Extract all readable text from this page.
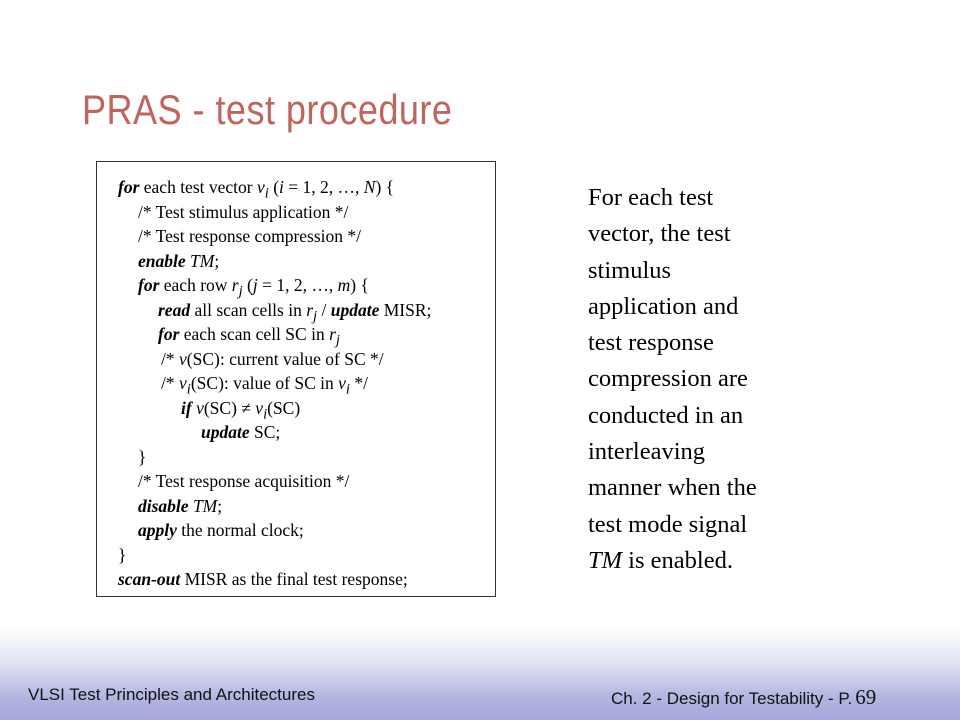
PRAS - test procedure
for each test vector $v_i$ (i = 1, 2, …, N) {
/* Test stimulus application */
/* Test response compression */
enable TM;
for each row $r_j$ (j = 1, 2, …, m) {
read all scan cells in $r_j$ / update MISR;
for each scan cell SC in $r_j$
/* v(SC): current value of SC */
/* $v_i(SC)$: value of SC in $v_i$ */
if $v(SC) \ne v_i(SC)$
update SC;
}
/* Test response acquisition */
disable TM;
apply the normal clock;
}
scan-out MISR as the final test response;
For each test
vector, the test
stimulus
application and
test response
compression are
conducted in an
interleaving
manner when the
test mode signal
TM is enabled.
VLSI Test Principles and Architectures	Ch. 2 - Design for Testability - P. 69
